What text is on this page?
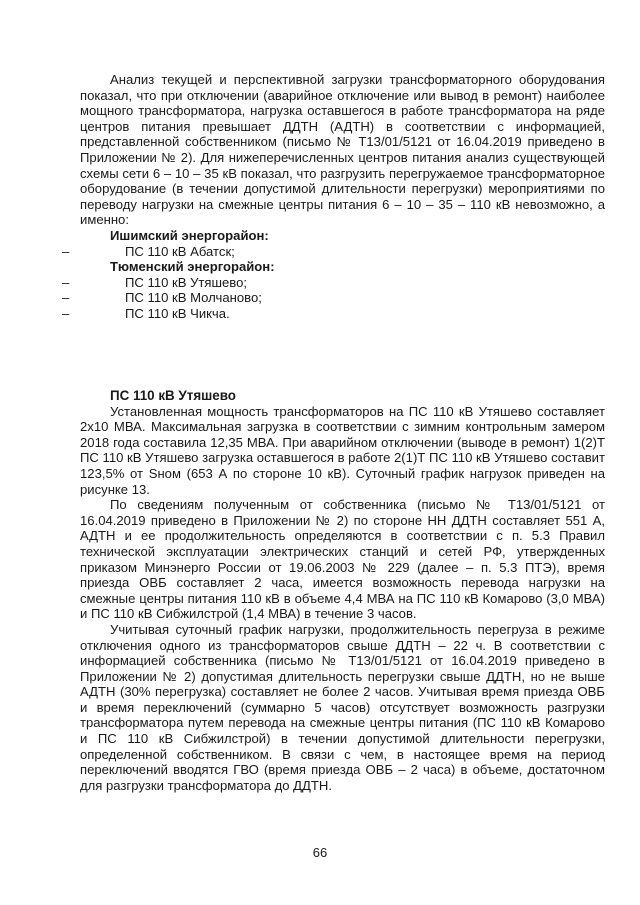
Анализ текущей и перспективной загрузки трансформаторного оборудования показал, что при отключении (аварийное отключение или вывод в ремонт) наиболее мощного трансформатора, нагрузка оставшегося в работе трансформатора на ряде центров питания превышает ДДТН (АДТН) в соответствии с информацией, представленной собственником (письмо № Т13/01/5121 от 16.04.2019 приведено в Приложении № 2). Для нижеперечисленных центров питания анализ существующей схемы сети 6 – 10 – 35 кВ показал, что разгрузить перегружаемое трансформаторное оборудование (в течении допустимой длительности перегрузки) мероприятиями по переводу нагрузки на смежные центры питания 6 – 10 – 35 – 110 кВ невозможно, а именно:

Ишимский энергорайон:

–	ПС 110 кВ Абатск;

Тюменский энергорайон:

–	ПС 110 кВ Утяшево;
–	ПС 110 кВ Молчаново;
–	ПС 110 кВ Чикча.

ПС 110 кВ Утяшево

Установленная мощность трансформаторов на ПС 110 кВ Утяшево составляет 2x10 МВА. Максимальная загрузка в соответствии с зимним контрольным замером 2018 года составила 12,35 МВА. При аварийном отключении (выводе в ремонт) 1(2)Т ПС 110 кВ Утяшево загрузка оставшегося в работе 2(1)Т ПС 110 кВ Утяшево составит 123,5% от Sном (653 А по стороне 10 кВ). Суточный график нагрузок приведен на рисунке 13.

По сведениям полученным от собственника (письмо № Т13/01/5121 от 16.04.2019 приведено в Приложении № 2) по стороне НН ДДТН составляет 551 А, АДТН и ее продолжительность определяются в соответствии с п. 5.3 Правил технической эксплуатации электрических станций и сетей РФ, утвержденных приказом Минэнерго России от 19.06.2003 № 229 (далее – п. 5.3 ПТЭ), время приезда ОВБ составляет 2 часа, имеется возможность перевода нагрузки на смежные центры питания 110 кВ в объеме 4,4 МВА на ПС 110 кВ Комарово (3,0 МВА) и ПС 110 кВ Сибжилстрой (1,4 МВА) в течение 3 часов.

Учитывая суточный график нагрузки, продолжительность перегруза в режиме отключения одного из трансформаторов свыше ДДТН – 22 ч. В соответствии с информацией собственника (письмо № Т13/01/5121 от 16.04.2019 приведено в Приложении № 2) допустимая длительность перегрузки свыше ДДТН, но не выше АДТН (30% перегрузка) составляет не более 2 часов. Учитывая время приезда ОВБ и время переключений (суммарно 5 часов) отсутствует возможность разгрузки трансформатора путем перевода на смежные центры питания (ПС 110 кВ Комарово и ПС 110 кВ Сибжилстрой) в течении допустимой длительности перегрузки, определенной собственником. В связи с чем, в настоящее время на период переключений вводятся ГВО (время приезда ОВБ – 2 часа) в объеме, достаточном для разгрузки трансформатора до ДДТН.

66
